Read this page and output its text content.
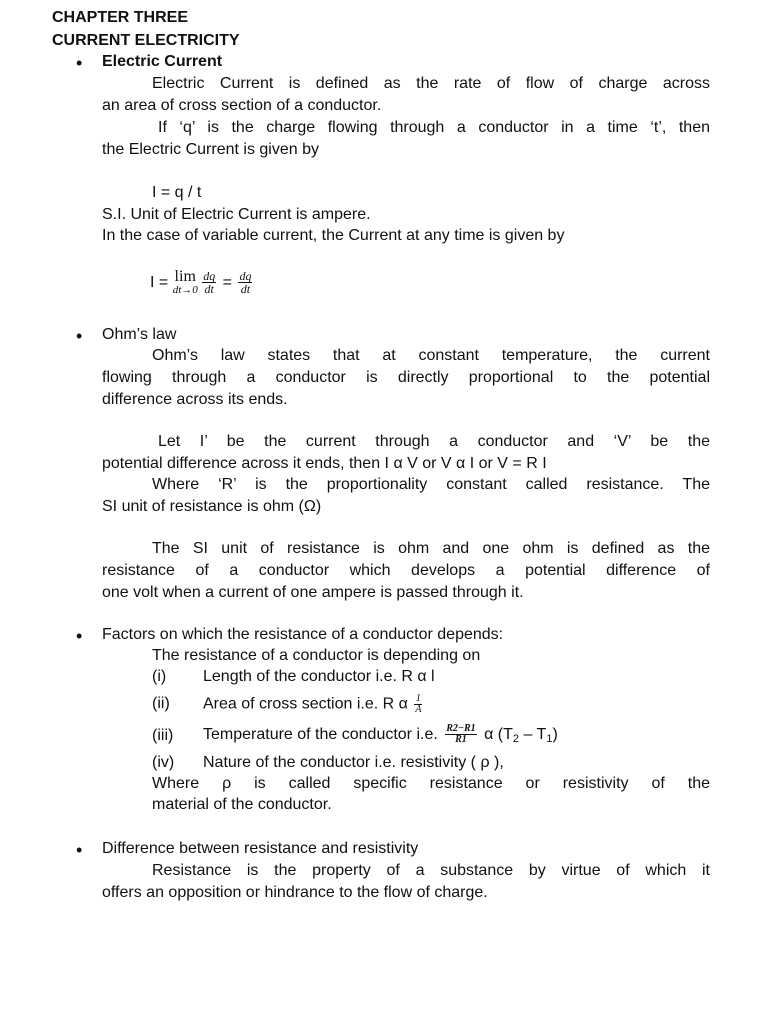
CHAPTER THREE
CURRENT ELECTRICITY
• Electric Current
Electric Current is defined as the rate of flow of charge across
an area of cross section of a conductor.
If ‘q’ is the charge flowing through a conductor in a time ‘t’, then
the Electric Current is given by
I = q / t
S.I. Unit of Electric Current is ampere.
In the case of variable current, the Current at any time is given by
I = lim
dt→0
$\frac{dq}{dt} = \frac{dq}{dt}$
• Ohm’s law
Ohm’s law states that at constant temperature, the current
flowing through a conductor is directly proportional to the potential
difference across its ends.
Let I’ be the current through a conductor and ‘V’ be the
potential difference across it ends, then I α V or V α I or V = R I
Where ‘R’ is the proportionality constant called resistance. The
SI unit of resistance is ohm (Ω)
The SI unit of resistance is ohm and one ohm is defined as the
resistance of a conductor which develops a potential difference of
one volt when a current of one ampere is passed through it.
• Factors on which the resistance of a conductor depends:
The resistance of a conductor is depending on
(i) Length of the conductor i.e. R α l
(ii) Area of cross section i.e. R α $\frac{1}{A}$
(iii) Temperature of the conductor i.e. $\frac{R2-R1}{R1}$ α $(T_2 - T_1)$
(iv) Nature of the conductor i.e. resistivity ( ρ ),
Where ρ is called specific resistance or resistivity of the
material of the conductor.
• Difference between resistance and resistivity
Resistance is the property of a substance by virtue of which it
offers an opposition or hindrance to the flow of charge.
